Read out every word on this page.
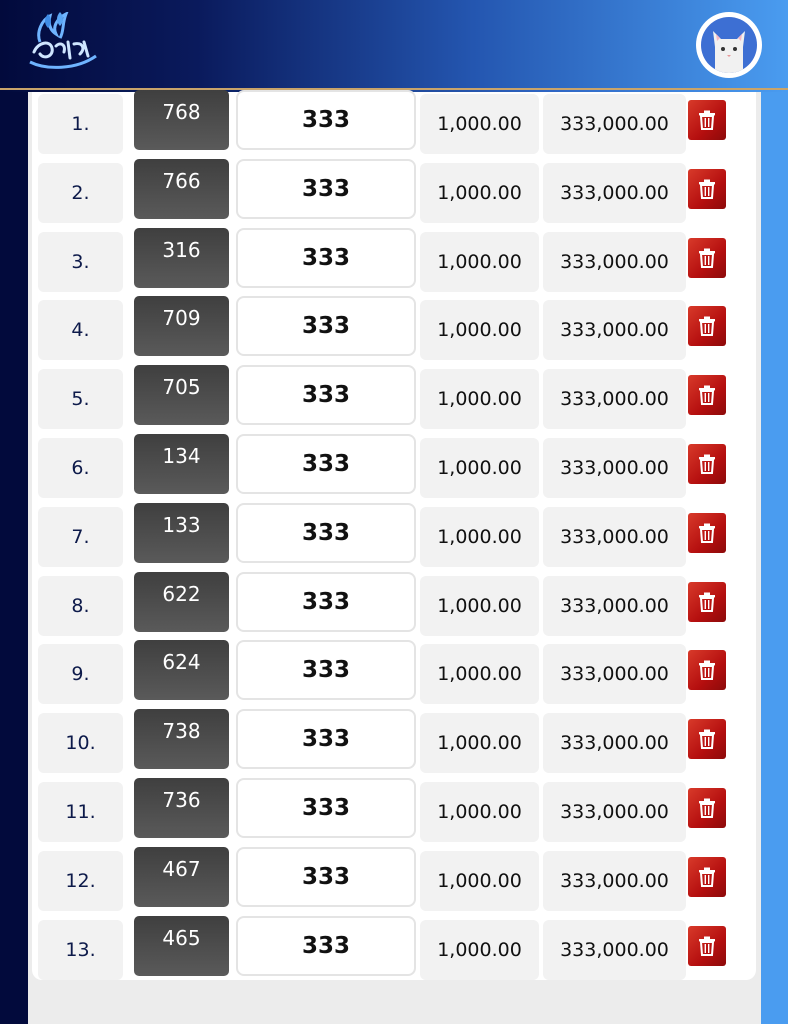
1.	768	333	1,000.00	333,000.00
2.	766	333	1,000.00	333,000.00
3.	316	333	1,000.00	333,000.00
4.	709	333	1,000.00	333,000.00
5.	705	333	1,000.00	333,000.00
6.	134	333	1,000.00	333,000.00
7.	133	333	1,000.00	333,000.00
8.	622	333	1,000.00	333,000.00
9.	624	333	1,000.00	333,000.00
10.	738	333	1,000.00	333,000.00
11.	736	333	1,000.00	333,000.00
12.	467	333	1,000.00	333,000.00
13.	465	333	1,000.00	333,000.00
